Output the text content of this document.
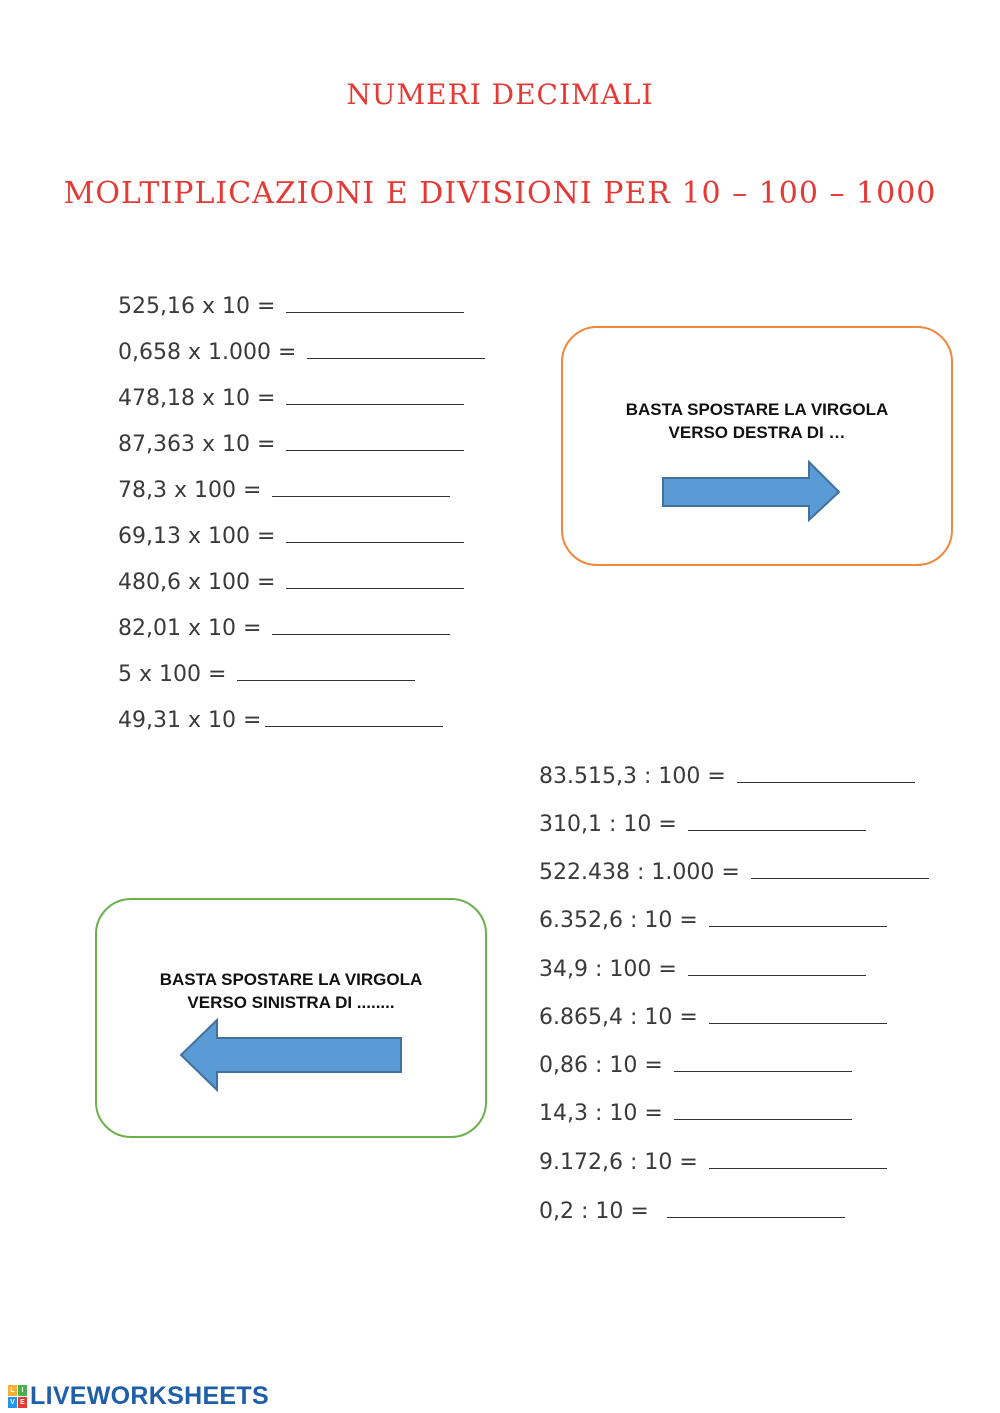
NUMERI DECIMALI
MOLTIPLICAZIONI E DIVISIONI PER 10 – 100 – 1000
525,16 x 10 =
0,658 x 1.000 =
478,18 x 10 =
87,363 x 10 =
78,3 x 100 =
69,13 x 100 =
480,6 x 100 =
82,01 x 10 =
5 x 100 =
49,31 x 10 =
BASTA SPOSTARE LA VIRGOLA
VERSO DESTRA DI …
83.515,3 : 100 =
310,1 : 10 =
522.438 : 1.000 =
6.352,6 : 10 =
34,9 : 100 =
6.865,4 : 10 =
0,86 : 10 =
14,3 : 10 =
9.172,6 : 10 =
0,2 : 10 =
BASTA SPOSTARE LA VIRGOLA
VERSO SINISTRA DI ........
L I
V E LIVEWORKSHEETS
